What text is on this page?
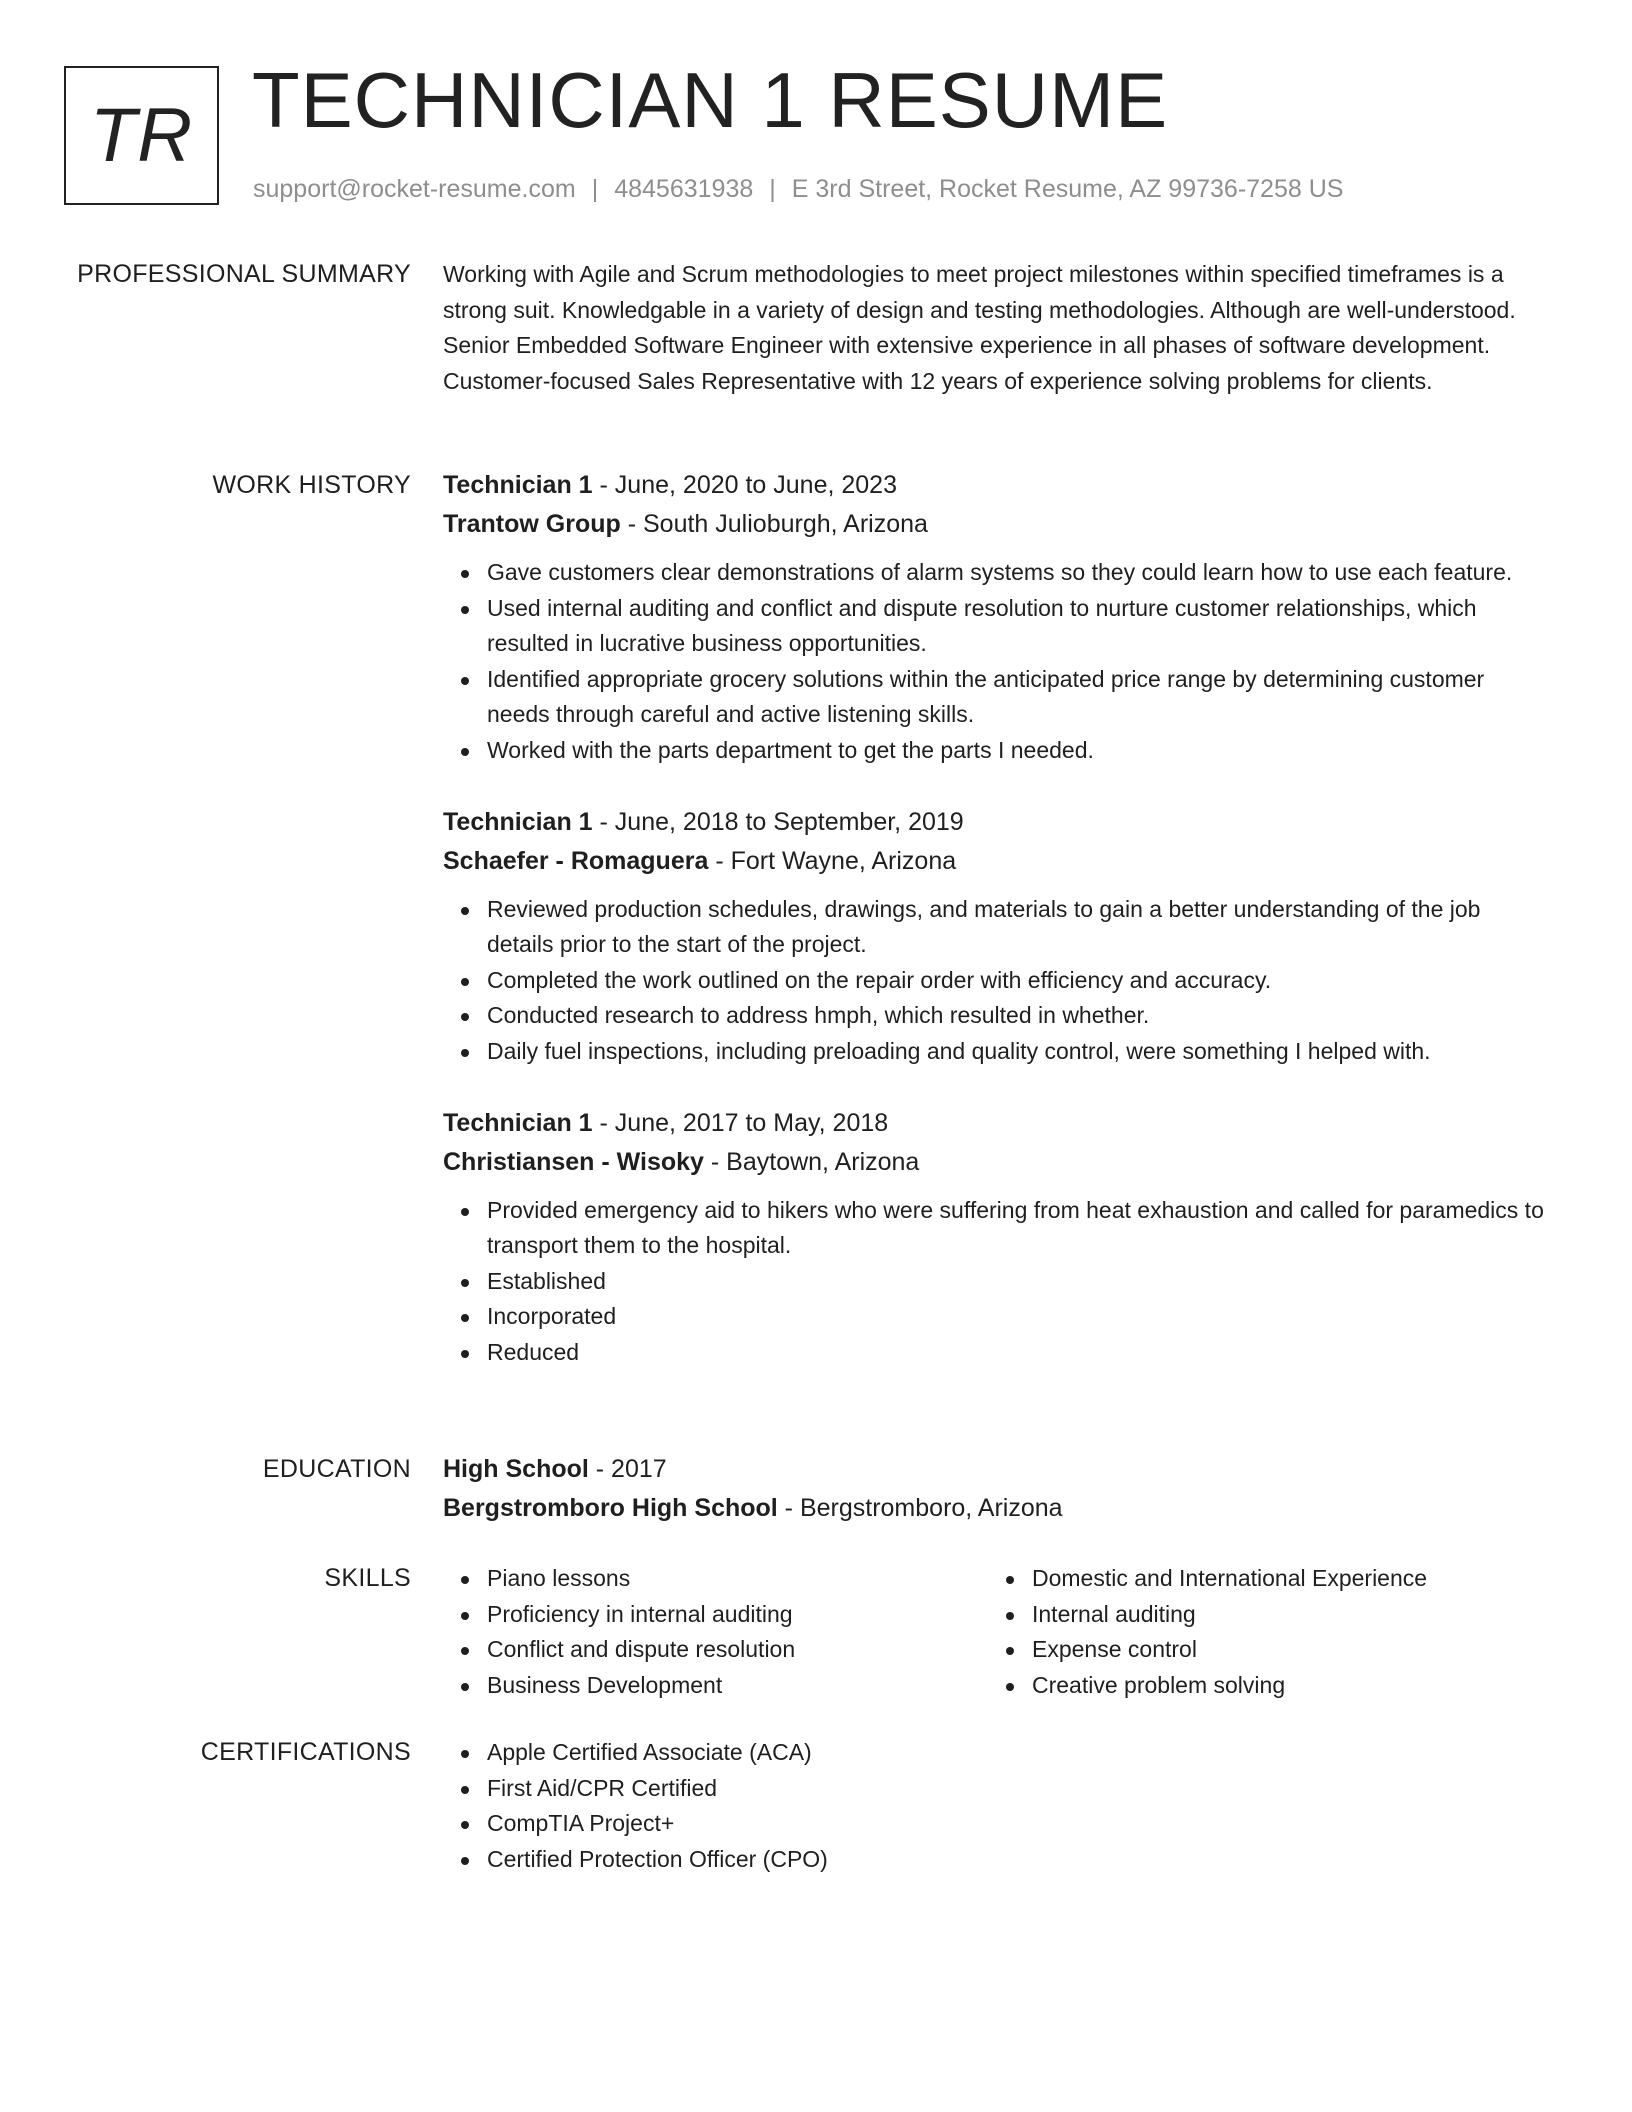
TR TECHNICIAN 1 RESUME
support@rocket-resume.com | 4845631938 | E 3rd Street, Rocket Resume, AZ 99736-7258 US
PROFESSIONAL SUMMARY Working with Agile and Scrum methodologies to meet project milestones within specified timeframes is a strong suit. Knowledgable in a variety of design and testing methodologies. Although are well-understood. Senior Embedded Software Engineer with extensive experience in all phases of software development. Customer-focused Sales Representative with 12 years of experience solving problems for clients.

WORK HISTORY Technician 1 - June, 2020 to June, 2023

Trantow Group - South Julioburgh, Arizona

Gave customers clear demonstrations of alarm systems so they could learn how to use each feature.
Used internal auditing and conflict and dispute resolution to nurture customer relationships, which resulted in lucrative business opportunities.
Identified appropriate grocery solutions within the anticipated price range by determining customer needs through careful and active listening skills.
Worked with the parts department to get the parts I needed.

Technician 1 - June, 2018 to September, 2019

Schaefer - Romaguera - Fort Wayne, Arizona

Reviewed production schedules, drawings, and materials to gain a better understanding of the job details prior to the start of the project.
Completed the work outlined on the repair order with efficiency and accuracy.
Conducted research to address hmph, which resulted in whether.
Daily fuel inspections, including preloading and quality control, were something I helped with.

Technician 1 - June, 2017 to May, 2018

Christiansen - Wisoky - Baytown, Arizona

Provided emergency aid to hikers who were suffering from heat exhaustion and called for paramedics to transport them to the hospital.
Established
Incorporated
Reduced
EDUCATION High School - 2017

Bergstromboro High School - Bergstromboro, Arizona

SKILLS	Piano lessons
Proficiency in internal auditing
Conflict and dispute resolution
Business Development
Domestic and International Experience
Internal auditing
Expense control
Creative problem solving
CERTIFICATIONS	Apple Certified Associate (ACA)
First Aid/CPR Certified
CompTIA Project+
Certified Protection Officer (CPO)
